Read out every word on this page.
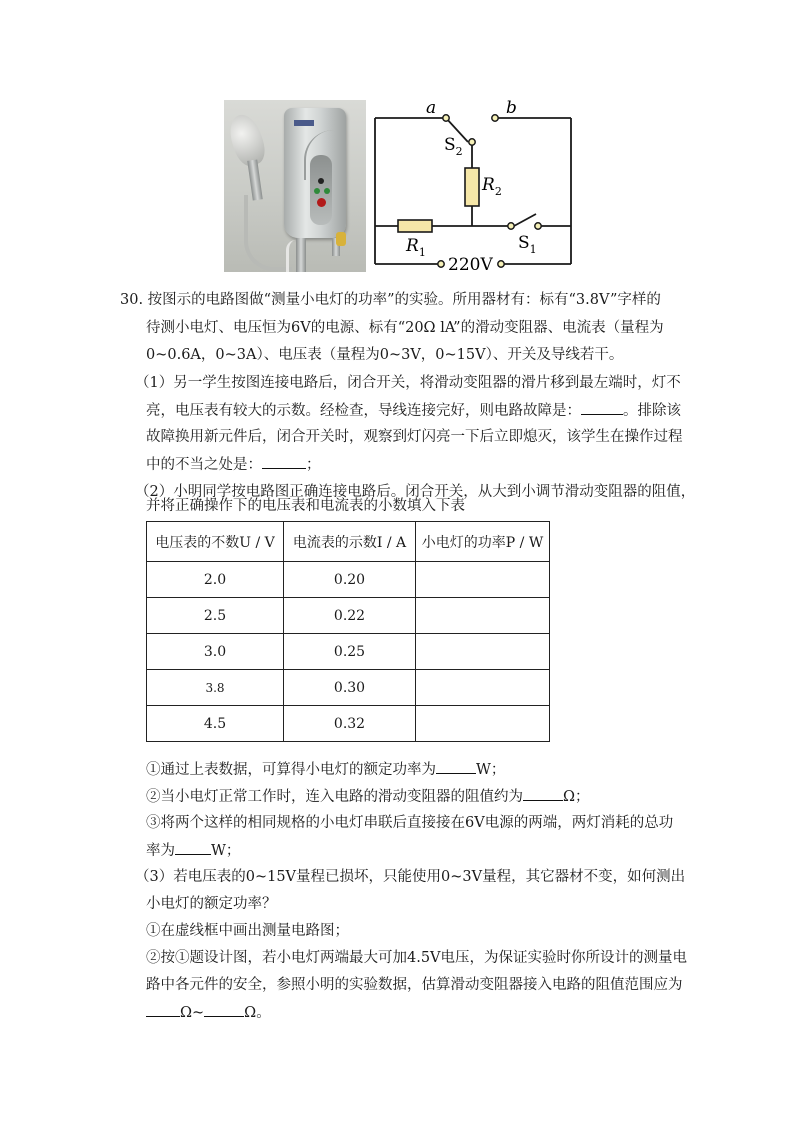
a	b
$S_2$
$R_2$
$R_1$	$S_1$
220V
30. 按图示的电路图做“测量小电灯的功率”的实验。所用器材有：标有“3.8V”字样的
待测小电灯、电压恒为6V的电源、标有“20Ω lA”的滑动变阻器、电流表（量程为
0~0.6A，0~3A）、电压表（量程为0~3V，0~15V）、开关及导线若干。
（1）另一学生按图连接电路后，闭合开关，将滑动变阻器的滑片移到最左端时，灯不
亮，电压表有较大的示数。经检查，导线连接完好，则电路故障是：	。排除该
故障换用新元件后，闭合开关时，观察到灯闪亮一下后立即熄灭，该学生在操作过程
中的不当之处是：	；
（2）小明同学按电路图正确连接电路后。闭合开关，从大到小调节滑动变阻器的阻值，
并将正确操作下的电压表和电流表的小数填入下表
电压表的不数U / V	电流表的示数I / A	小电灯的功率P / W
2.0	0.20	
2.5	0.22	
3.0	0.25	
3.8	0.30	
4.5	0.32	
①通过上表数据，可算得小电灯的额定功率为	W；
②当小电灯正常工作时，连入电路的滑动变阻器的阻值约为	Ω；
③将两个这样的相同规格的小电灯串联后直接接在6V电源的两端，两灯消耗的总功
率为 W；
（3）若电压表的0~15V量程已损坏，只能使用0~3V量程，其它器材不变，如何测出
小电灯的额定功率？
①在虚线框中画出测量电路图；
②按①题设计图，若小电灯两端最大可加4.5V电压，为保证实验时你所设计的测量电
路中各元件的安全，参照小明的实验数据，估算滑动变阻器接入电路的阻值范围应为
Ω~	Ω。
